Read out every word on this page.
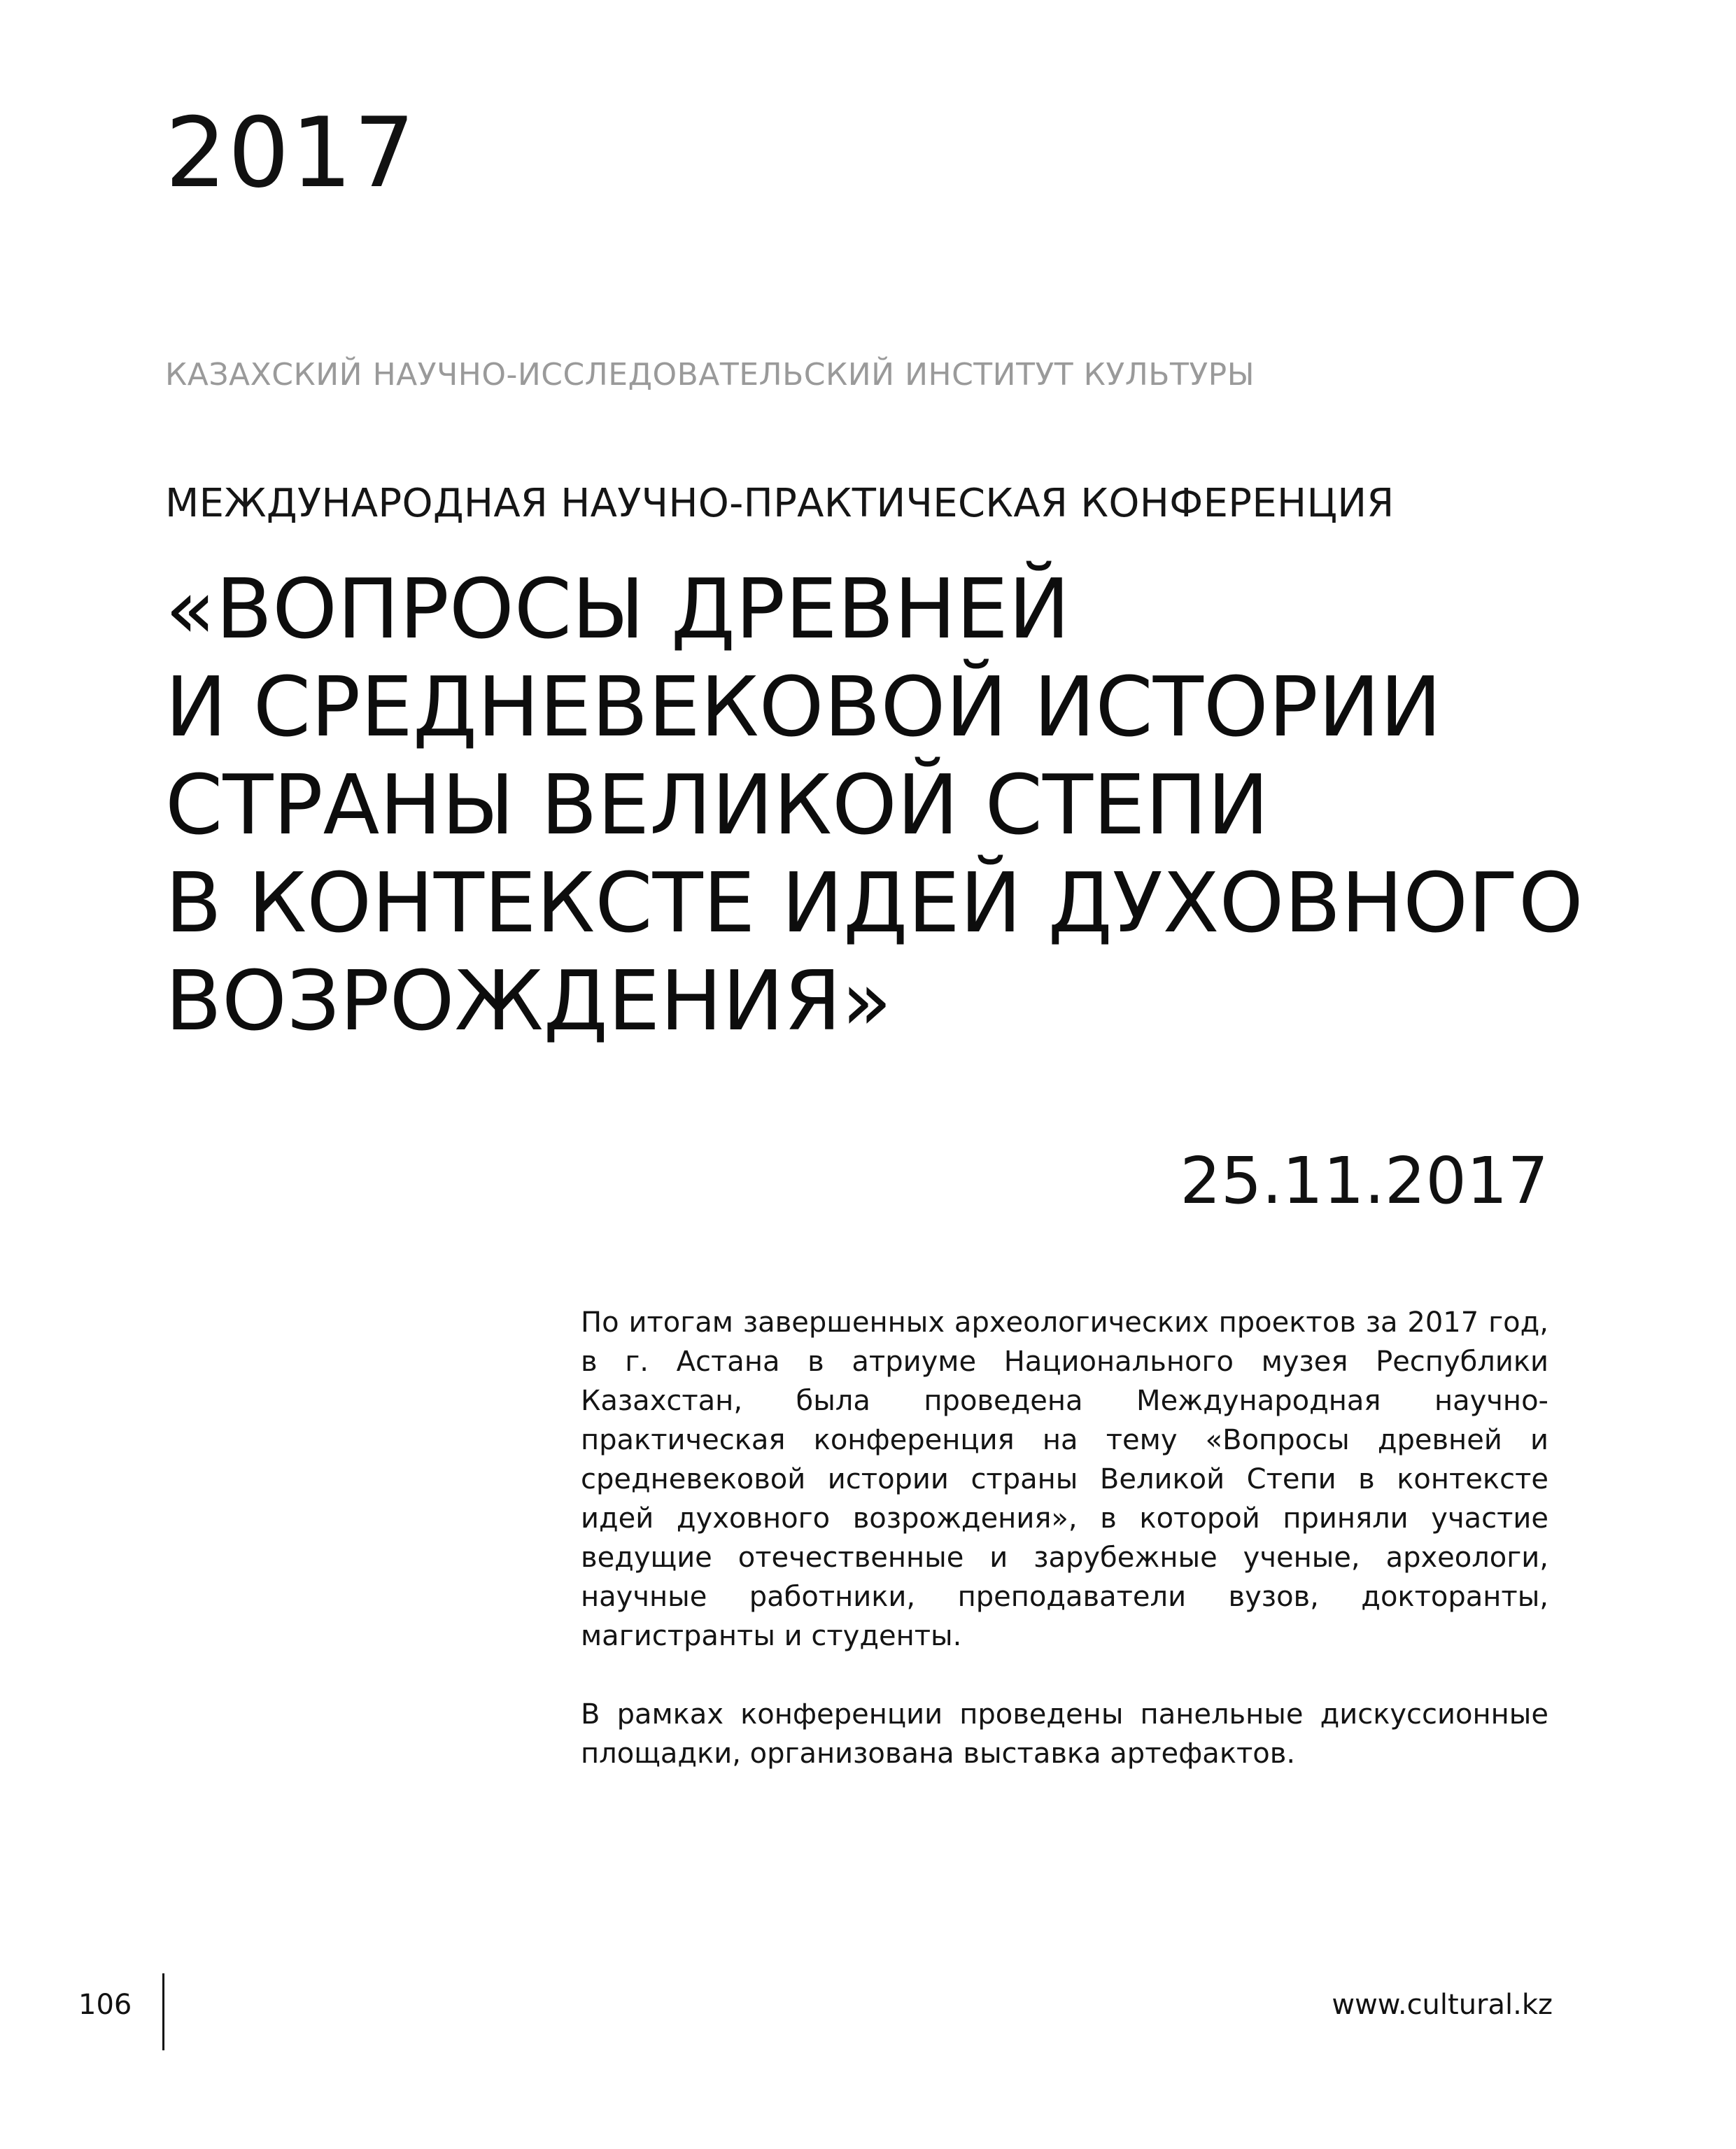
2017
КАЗАХСКИЙ НАУЧНО-ИССЛЕДОВАТЕЛЬСКИЙ ИНСТИТУТ КУЛЬТУРЫ
МЕЖДУНАРОДНАЯ НАУЧНО-ПРАКТИЧЕСКАЯ КОНФЕРЕНЦИЯ
«ВОПРОСЫ ДРЕВНЕЙ
И СРЕДНЕВЕКОВОЙ ИСТОРИИ
СТРАНЫ ВЕЛИКОЙ СТЕПИ
В КОНТЕКСТЕ ИДЕЙ ДУХОВНОГО
ВОЗРОЖДЕНИЯ»
25.11.2017

По итогам завершенных археологических проектов за 2017 год, в г. Астана в атриуме Национального музея Республики Казахстан, была проведена Международная научно-практическая конференция на тему «Вопросы древней и средневековой истории страны Великой Степи в контексте идей духовного возрождения», в которой приняли участие ведущие отечественные и зарубежные ученые, археологи, научные работники, преподаватели вузов, докторанты, магистранты и студенты.

В рамках конференции проведены панельные дискуссионные площадки, организована выставка артефактов.

106	www.cultural.kz
